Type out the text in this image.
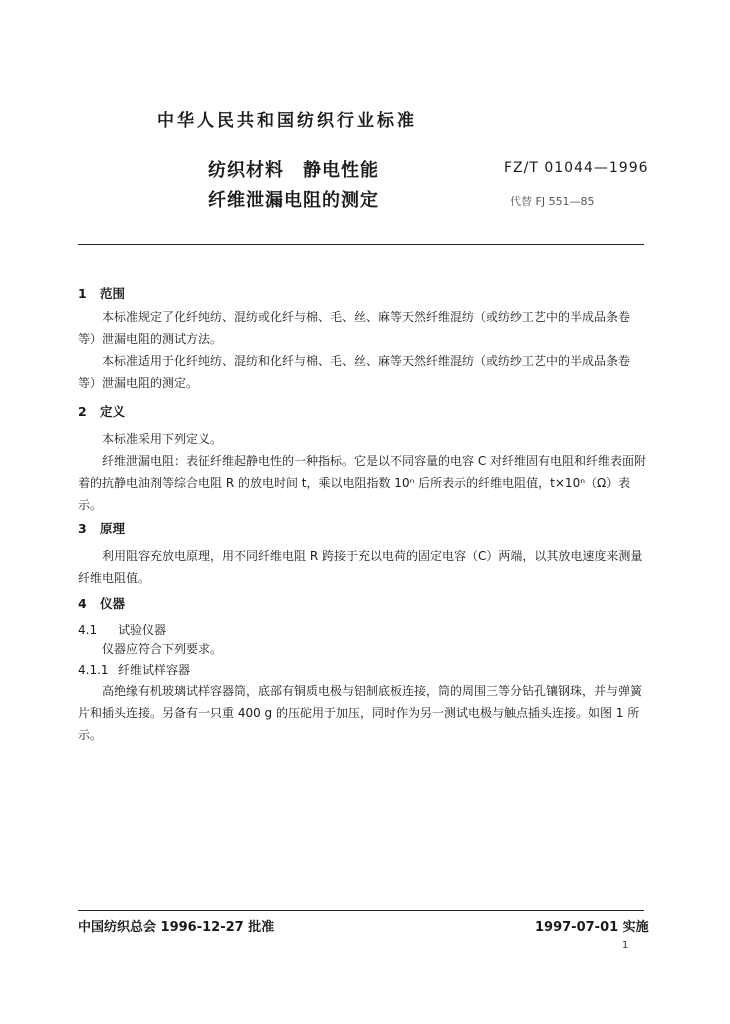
中华人民共和国纺织行业标准
纺织材料　静电性能
纤维泄漏电阻的测定
FZ/T 01044—1996
代替 FJ 551—85
1 范围
本标准规定了化纤纯纺、混纺或化纤与棉、毛、丝、麻等天然纤维混纺（或纺纱工艺中的半成品条卷等）泄漏电阻的测试方法。
本标准适用于化纤纯纺、混纺和化纤与棉、毛、丝、麻等天然纤维混纺（或纺纱工艺中的半成品条卷等）泄漏电阻的测定。
2 定义
本标准采用下列定义。
纤维泄漏电阻：表征纤维起静电性的一种指标。它是以不同容量的电容 C 对纤维固有电阻和纤维表面附着的抗静电油剂等综合电阻 R 的放电时间 t，乘以电阻指数 10ⁿ 后所表示的纤维电阻值，t×10ⁿ（Ω）表示。
3 原理
利用阻容充放电原理，用不同纤维电阻 R 跨接于充以电荷的固定电容（C）两端，以其放电速度来测量纤维电阻值。
4 仪器
4.1 试验仪器
仪器应符合下列要求。
4.1.1 纤维试样容器
高绝缘有机玻璃试样容器筒，底部有铜质电极与铝制底板连接，筒的周围三等分钻孔镶钢珠，并与弹簧片和插头连接。另备有一只重 400 g 的压砣用于加压，同时作为另一测试电极与触点插头连接。如图 1 所示。
中国纺织总会 1996-12-27 批准	1997-07-01 实施
1
